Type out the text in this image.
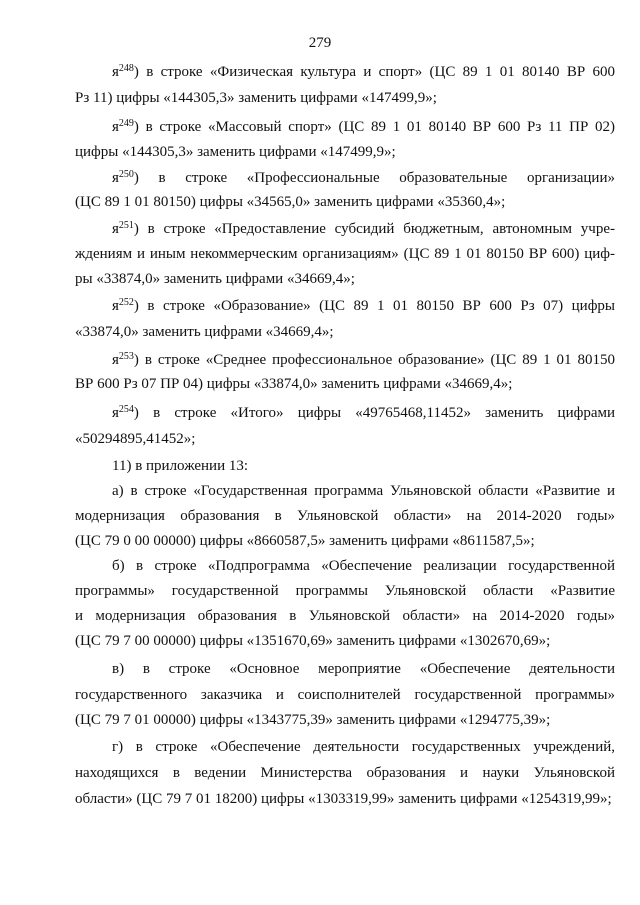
279
$я^{248}$) в строке «Физическая культура и спорт» (ЦС 89 1 01 80140 ВР 600
Рз 11) цифры «144305,3» заменить цифрами «147499,9»;
$я^{249}$) в строке «Массовый спорт» (ЦС 89 1 01 80140 ВР 600 Рз 11 ПР 02)
цифры «144305,3» заменить цифрами «147499,9»;
$я^{250}$) в строке «Профессиональные образовательные организации»
(ЦС 89 1 01 80150) цифры «34565,0» заменить цифрами «35360,4»;
$я^{251}$) в строке «Предоставление субсидий бюджетным, автономным учре-
ждениям и иным некоммерческим организациям» (ЦС 89 1 01 80150 ВР 600) циф-
ры «33874,0» заменить цифрами «34669,4»;
$я^{252}$) в строке «Образование» (ЦС 89 1 01 80150 ВР 600 Рз 07) цифры
«33874,0» заменить цифрами «34669,4»;
$я^{253}$) в строке «Среднее профессиональное образование» (ЦС 89 1 01 80150
ВР 600 Рз 07 ПР 04) цифры «33874,0» заменить цифрами «34669,4»;
$я^{254}$) в строке «Итого» цифры «49765468,11452» заменить цифрами
«50294895,41452»;
11) в приложении 13:
а) в строке «Государственная программа Ульяновской области «Развитие и
модернизация образования в Ульяновской области» на 2014-2020 годы»
(ЦС 79 0 00 00000) цифры «8660587,5» заменить цифрами «8611587,5»;
б) в строке «Подпрограмма «Обеспечение реализации государственной
программы» государственной программы Ульяновской области «Развитие
и модернизация образования в Ульяновской области» на 2014-2020 годы»
(ЦС 79 7 00 00000) цифры «1351670,69» заменить цифрами «1302670,69»;
в) в строке «Основное мероприятие «Обеспечение деятельности
государственного заказчика и соисполнителей государственной программы»
(ЦС 79 7 01 00000) цифры «1343775,39» заменить цифрами «1294775,39»;
г) в строке «Обеспечение деятельности государственных учреждений,
находящихся в ведении Министерства образования и науки Ульяновской
области» (ЦС 79 7 01 18200) цифры «1303319,99» заменить цифрами «1254319,99»;
